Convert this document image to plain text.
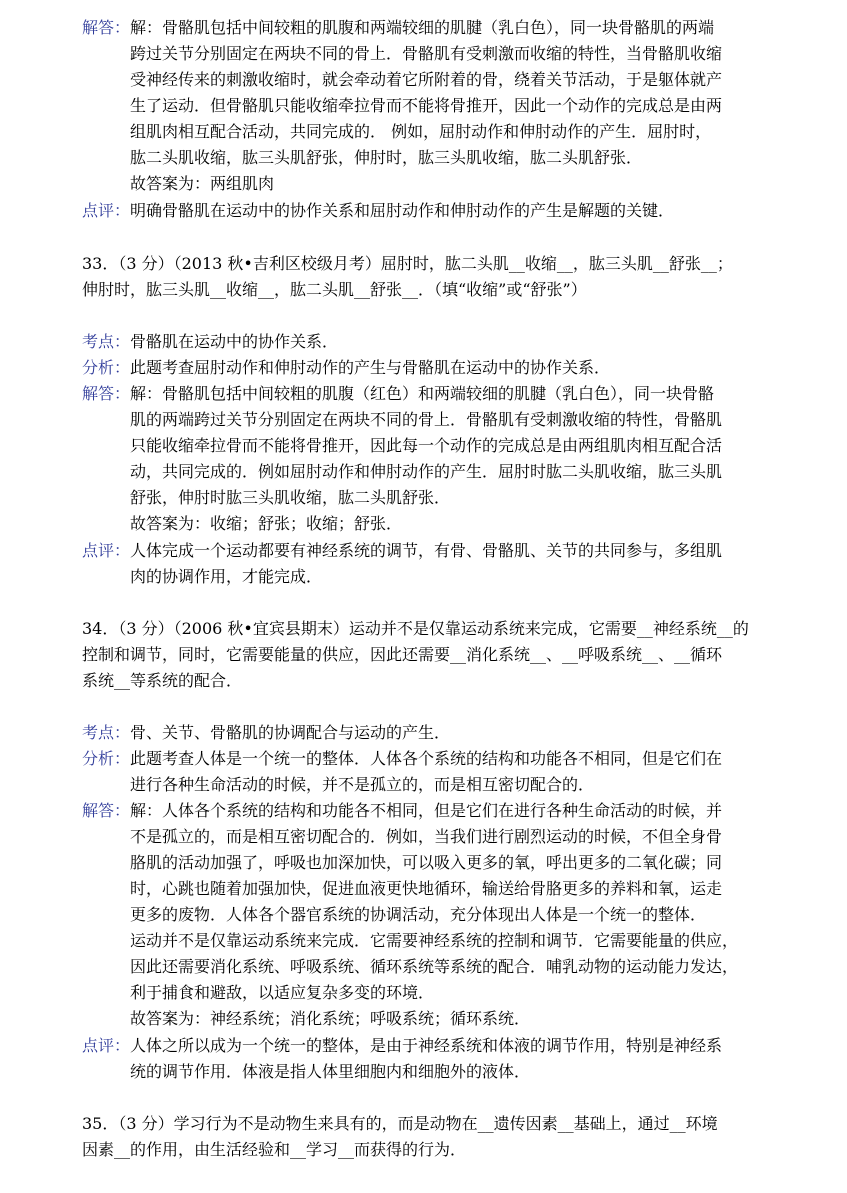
解答： 解：骨骼肌包括中间较粗的肌腹和两端较细的肌腱（乳白色），同一块骨骼肌的两端
跨过关节分别固定在两块不同的骨上．骨骼肌有受刺激而收缩的特性，当骨骼肌收缩
受神经传来的刺激收缩时，就会牵动着它所附着的骨，绕着关节活动，于是躯体就产
生了运动．但骨骼肌只能收缩牵拉骨而不能将骨推开，因此一个动作的完成总是由两
组肌肉相互配合活动，共同完成的． 例如，屈肘动作和伸肘动作的产生．屈肘时，
肱二头肌收缩，肱三头肌舒张，伸肘时，肱三头肌收缩，肱二头肌舒张．
故答案为：两组肌肉
点评： 明确骨骼肌在运动中的协作关系和屈肘动作和伸肘动作的产生是解题的关键．
33．（3 分）（2013 秋•吉利区校级月考）屈肘时，肱二头肌__收缩__，肱三头肌__舒张__；
伸肘时，肱三头肌__收缩__，肱二头肌__舒张__．（填“收缩”或“舒张”）
考点： 骨骼肌在运动中的协作关系．
分析： 此题考查屈肘动作和伸肘动作的产生与骨骼肌在运动中的协作关系．
解答： 解：骨骼肌包括中间较粗的肌腹（红色）和两端较细的肌腱（乳白色），同一块骨骼
肌的两端跨过关节分别固定在两块不同的骨上．骨骼肌有受刺激收缩的特性，骨骼肌
只能收缩牵拉骨而不能将骨推开，因此每一个动作的完成总是由两组肌肉相互配合活
动，共同完成的．例如屈肘动作和伸肘动作的产生．屈肘时肱二头肌收缩，肱三头肌
舒张，伸肘时肱三头肌收缩，肱二头肌舒张．
故答案为：收缩；舒张；收缩；舒张．
点评： 人体完成一个运动都要有神经系统的调节，有骨、骨骼肌、关节的共同参与，多组肌
肉的协调作用，才能完成．
34．（3 分）（2006 秋•宜宾县期末）运动并不是仅靠运动系统来完成，它需要__神经系统__的
控制和调节，同时，它需要能量的供应，因此还需要__消化系统__、__呼吸系统__、__循环
系统__等系统的配合．
考点： 骨、关节、骨骼肌的协调配合与运动的产生．
分析： 此题考查人体是一个统一的整体．人体各个系统的结构和功能各不相同，但是它们在
进行各种生命活动的时候，并不是孤立的，而是相互密切配合的．
解答： 解：人体各个系统的结构和功能各不相同，但是它们在进行各种生命活动的时候，并
不是孤立的，而是相互密切配合的．例如，当我们进行剧烈运动的时候，不但全身骨
胳肌的活动加强了，呼吸也加深加快，可以吸入更多的氧，呼出更多的二氧化碳；同
时，心跳也随着加强加快，促进血液更快地循环，输送给骨胳更多的养料和氧，运走
更多的废物．人体各个器官系统的协调活动，充分体现出人体是一个统一的整体．
运动并不是仅靠运动系统来完成．它需要神经系统的控制和调节．它需要能量的供应，
因此还需要消化系统、呼吸系统、循环系统等系统的配合．哺乳动物的运动能力发达，
利于捕食和避敌，以适应复杂多变的环境．
故答案为：神经系统；消化系统；呼吸系统；循环系统．
点评： 人体之所以成为一个统一的整体，是由于神经系统和体液的调节作用，特别是神经系
统的调节作用．体液是指人体里细胞内和细胞外的液体．
35．（3 分）学习行为不是动物生来具有的，而是动物在__遗传因素__基础上，通过__环境
因素__的作用，由生活经验和__学习__而获得的行为．
